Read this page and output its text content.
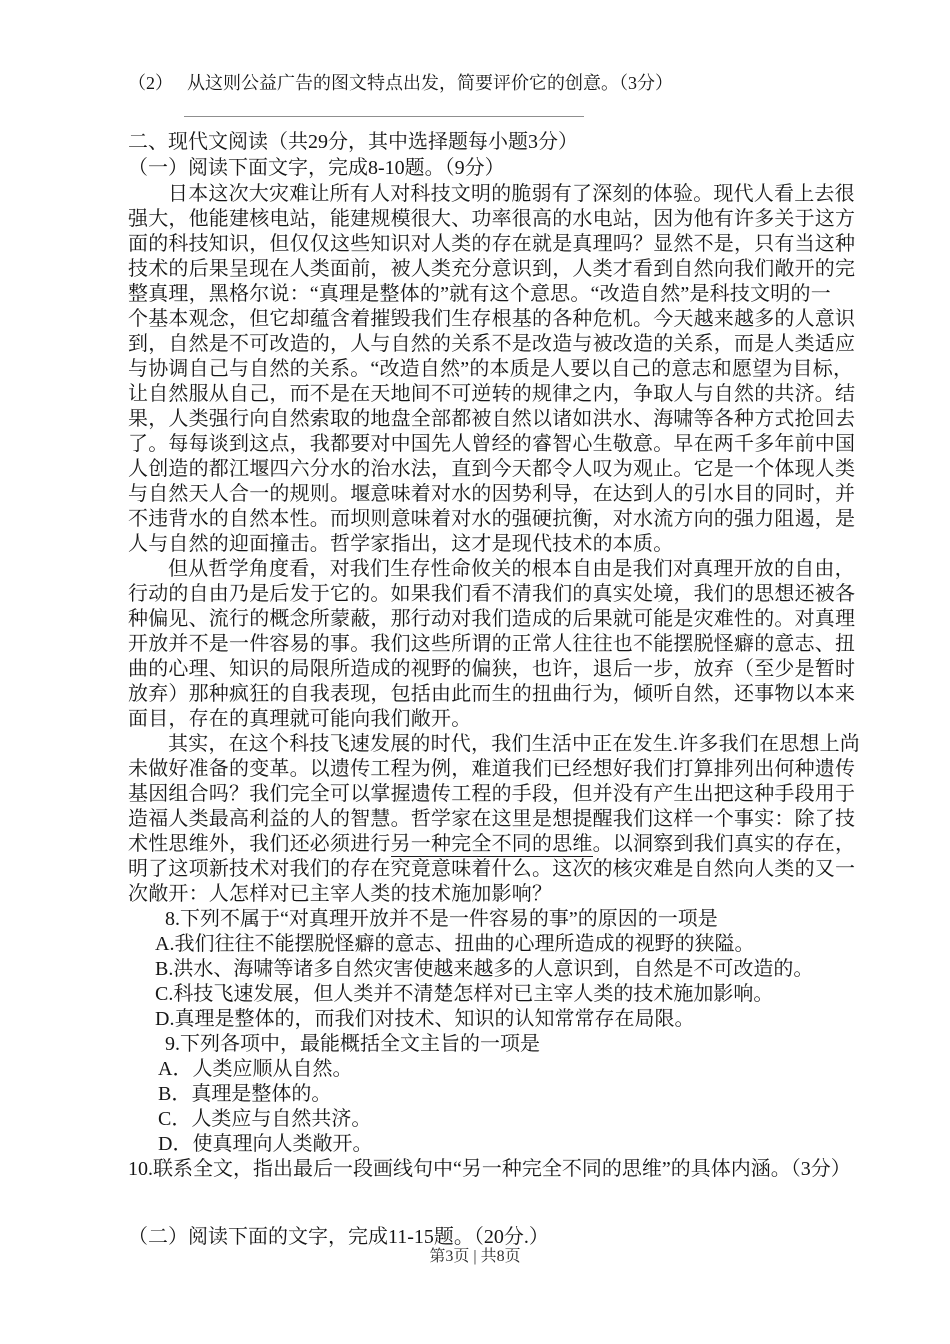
（2） 从这则公益广告的图文特点出发，简要评价它的创意。（3分）
二、现代文阅读（共29分，其中选择题每小题3分）
（一）阅读下面文字，完成8-10题。（9分）
日本这次大灾难让所有人对科技文明的脆弱有了深刻的体验。现代人看上去很
强大，他能建核电站，能建规模很大、功率很高的水电站，因为他有许多关于这方
面的科技知识，但仅仅这些知识对人类的存在就是真理吗？显然不是，只有当这种
技术的后果呈现在人类面前，被人类充分意识到，人类才看到自然向我们敞开的完
整真理，黑格尔说：“真理是整体的”就有这个意思。“改造自然”是科技文明的一
个基本观念，但它却蕴含着摧毁我们生存根基的各种危机。今天越来越多的人意识
到，自然是不可改造的，人与自然的关系不是改造与被改造的关系，而是人类适应
与协调自己与自然的关系。“改造自然”的本质是人要以自己的意志和愿望为目标，
让自然服从自己，而不是在天地间不可逆转的规律之内，争取人与自然的共济。结
果，人类强行向自然索取的地盘全部都被自然以诸如洪水、海啸等各种方式抢回去
了。每每谈到这点，我都要对中国先人曾经的睿智心生敬意。早在两千多年前中国
人创造的都江堰四六分水的治水法，直到今天都令人叹为观止。它是一个体现人类
与自然天人合一的规则。堰意味着对水的因势利导，在达到人的引水目的同时，并
不违背水的自然本性。而坝则意味着对水的强硬抗衡，对水流方向的强力阻遏，是
人与自然的迎面撞击。哲学家指出，这才是现代技术的本质。
但从哲学角度看，对我们生存性命攸关的根本自由是我们对真理开放的自由，
行动的自由乃是后发于它的。如果我们看不清我们的真实处境，我们的思想还被各
种偏见、流行的概念所蒙蔽，那行动对我们造成的后果就可能是灾难性的。对真理
开放并不是一件容易的事。我们这些所谓的正常人往往也不能摆脱怪癖的意志、扭
曲的心理、知识的局限所造成的视野的偏狭，也许，退后一步，放弃（至少是暂时
放弃）那种疯狂的自我表现，包括由此而生的扭曲行为，倾听自然，还事物以本来
面目，存在的真理就可能向我们敞开。
其实，在这个科技飞速发展的时代，我们生活中正在发生.许多我们在思想上尚
未做好准备的变革。以遗传工程为例，难道我们已经想好我们打算排列出何种遗传
基因组合吗？我们完全可以掌握遗传工程的手段，但并没有产生出把这种手段用于
造福人类最高利益的人的智慧。哲学家在这里是想提醒我们这样一个事实：除了技
术性思维外，我们还必须进行另一种完全不同的思维。以洞察到我们真实的存在，
明了这项新技术对我们的存在究竟意味着什么。这次的核灾难是自然向人类的又一
次敞开：人怎样对已主宰人类的技术施加影响？
8.下列不属于“对真理开放并不是一件容易的事”的原因的一项是
A.我们往往不能摆脱怪癖的意志、扭曲的心理所造成的视野的狭隘。
B.洪水、海啸等诸多自然灾害使越来越多的人意识到，自然是不可改造的。
C.科技飞速发展，但人类并不清楚怎样对已主宰人类的技术施加影响。
D.真理是整体的，而我们对技术、知识的认知常常存在局限。
9.下列各项中，最能概括全文主旨的一项是
A．人类应顺从自然。
B．真理是整体的。
C．人类应与自然共济。
D．使真理向人类敞开。
10.联系全文，指出最后一段画线句中“另一种完全不同的思维”的具体内涵。（3分）
（二）阅读下面的文字，完成11-15题。（20分.）
第3页 | 共8页
